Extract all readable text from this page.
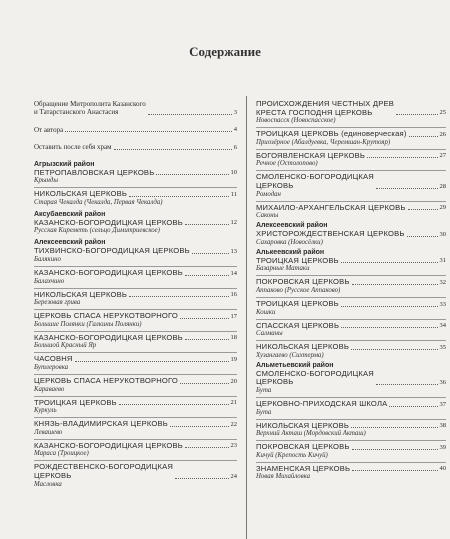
Содержание
Обращение Митрополита Казанского
и Татарстанского Анастасия	3
От автора	4
Оставить после себя храм	6
Агрызский район
ПЕТРОПАВЛОВСКАЯ ЦЕРКОВЬ	10
Крынды
НИКОЛЬСКАЯ ЦЕРКОВЬ	11
Старая Чекалда (Чекалда, Первая Чекалда)
Аксубаевский район
КАЗАНСКО-БОГОРОДИЦКАЯ ЦЕРКОВЬ	12
Русская Киреметь (сельцо Димитриевское)
Алексеевский район
ТИХВИНСКО-БОГОРОДИЦКАЯ ЦЕРКОВЬ	13
Балякино
КАЗАНСКО-БОГОРОДИЦКАЯ ЦЕРКОВЬ	14
Балахчино
НИКОЛЬСКАЯ ЦЕРКОВЬ	16
Березовая грива
ЦЕРКОВЬ СПАСА НЕРУКОТВОРНОГО	17
Большие Полянки (Галкины Полянки)
КАЗАНСКО-БОГОРОДИЦКАЯ ЦЕРКОВЬ	18
Большой Красный Яр
ЧАСОВНЯ	19
Бутлеровка
ЦЕРКОВЬ СПАСА НЕРУКОТВОРНОГО	20
Караваево
ТРОИЦКАЯ ЦЕРКОВЬ	21
Куркуль
КНЯЗЬ-ВЛАДИМИРСКАЯ ЦЕРКОВЬ	22
Левашево
КАЗАНСКО-БОГОРОДИЦКАЯ ЦЕРКОВЬ	23
Мараса (Троицкое)
РОЖДЕСТВЕНСКО-БОГОРОДИЦКАЯ
ЦЕРКОВЬ	24
Масловка
ПРОИСХОЖДЕНИЯ ЧЕСТНЫХ ДРЕВ
КРЕСТА ГОСПОДНЯ ЦЕРКОВЬ	25
Новоспасск (Новоспасское)
ТРОИЦКАЯ ЦЕРКОВЬ (единоверческая)	26
Приозёрное (Абалдуевка, Черемшан-Крутояр)
БОГОЯВЛЕНСКАЯ ЦЕРКОВЬ	27
Речное (Остолопово)
СМОЛЕНСКО-БОГОРОДИЦКАЯ
ЦЕРКОВЬ	28
Ромодан
МИХАИЛО-АРХАНГЕЛЬСКАЯ ЦЕРКОВЬ	29
Саконы
Алексеевский район
ХРИСТОРОЖДЕСТВЕНСКАЯ ЦЕРКОВЬ	30
Сахаровка (Новосёлки)
Алькеевский район
ТРОИЦКАЯ ЦЕРКОВЬ	31
Базарные Матаки
ПОКРОВСКАЯ ЦЕРКОВЬ	32
Аппаково (Русское Аппаково)
ТРОИЦКАЯ ЦЕРКОВЬ	33
Кошки
СПАССКАЯ ЦЕРКОВЬ	34
Салманы
НИКОЛЬСКАЯ ЦЕРКОВЬ	35
Хузангаево (Сихтерма)
Альметьевский район
СМОЛЕНСКО-БОГОРОДИЦКАЯ
ЦЕРКОВЬ	36
Бута
ЦЕРКОВНО-ПРИХОДСКАЯ ШКОЛА	37
Бута
НИКОЛЬСКАЯ ЦЕРКОВЬ	38
Верхний Акташ (Мордовский Акташ)
ПОКРОВСКАЯ ЦЕРКОВЬ	39
Кичуй (Крепость Кичуй)
ЗНАМЕНСКАЯ ЦЕРКОВЬ	40
Новая Михайловка
